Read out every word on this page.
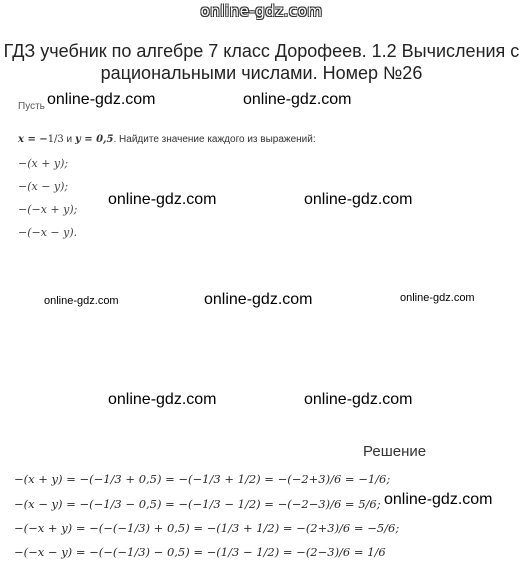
online-gdz.com
ГДЗ учебник по алгебре 7 класс Дорофеев. 1.2 Вычисления с рациональными числами. Номер №26
Пусть
x = −1/3 и y = 0,5. Найдите значение каждого из выражений:
−(x + y);
−(x − y);
−(−x + y);
−(−x − y).
online-gdz.com	online-gdz.com
online-gdz.com	online-gdz.com
online-gdz.com	online-gdz.com	online-gdz.com
online-gdz.com	online-gdz.com
online-gdz.com
Решение
−(x + y) = −(−1/3 + 0,5) = −(−1/3 + 1/2) = −(−2+3)/6 = −1/6;
−(x − y) = −(−1/3 − 0,5) = −(−1/3 − 1/2) = −(−2−3)/6 = 5/6;
−(−x + y) = −(−(−1/3) + 0,5) = −(1/3 + 1/2) = −(2+3)/6 = −5/6;
−(−x − y) = −(−(−1/3) − 0,5) = −(1/3 − 1/2) = −(2−3)/6 = 1/6
